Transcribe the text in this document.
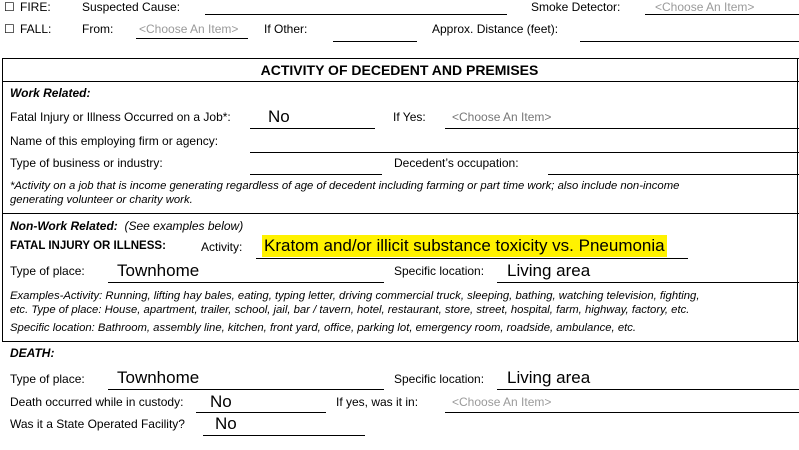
☐ FIRE:	Suspected Cause:	Smoke Detector:	<Choose An Item>
☐ FALL:	From: <Choose An Item> If Other:	Approx. Distance (feet):
ACTIVITY OF DECEDENT AND PREMISES
Work Related:
Fatal Injury or Illness Occurred on a Job*: No	If Yes: <Choose An Item>
Name of this employing firm or agency:
Type of business or industry:	Decedent’s occupation:
*Activity on a job that is income generating regardless of age of decedent including farming or part time work; also include non-income
generating volunteer or charity work.
Non-Work Related: (See examples below)
FATAL INJURY OR ILLNESS:	Activity: Kratom and/or illicit substance toxicity vs. Pneumonia
Type of place: Townhome	Specific location: Living area
Examples-Activity: Running, lifting hay bales, eating, typing letter, driving commercial truck, sleeping, bathing, watching television, fighting,
etc. Type of place: House, apartment, trailer, school, jail, bar / tavern, hotel, restaurant, store, street, hospital, farm, highway, factory, etc.
Specific location: Bathroom, assembly line, kitchen, front yard, office, parking lot, emergency room, roadside, ambulance, etc.
DEATH:
Type of place: Townhome	Specific location: Living area
Death occurred while in custody: No	If yes, was it in:	<Choose An Item>
Was it a State Operated Facility? No
